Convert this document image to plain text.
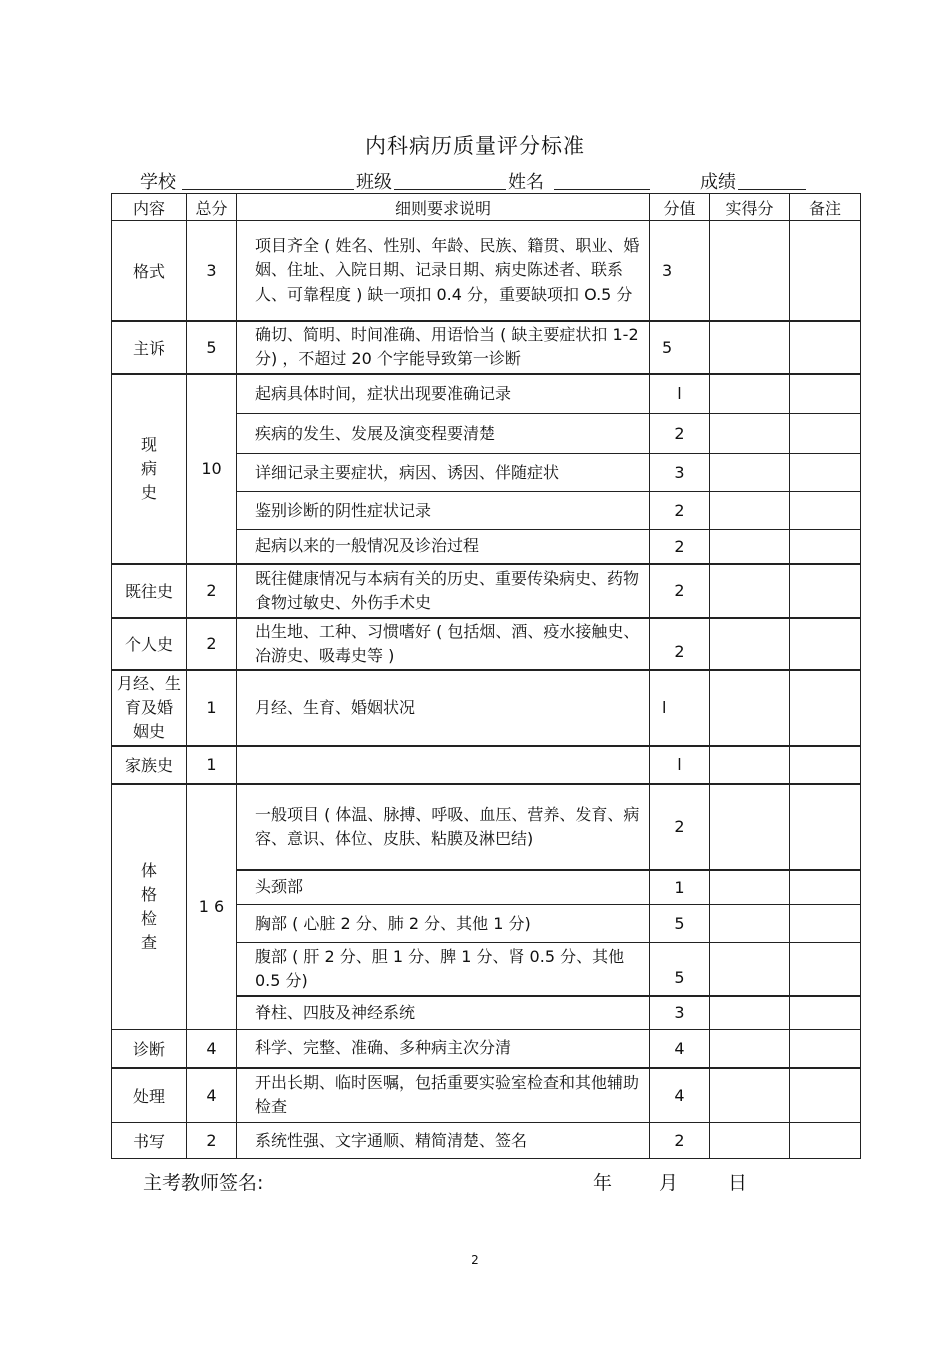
内科病历质量评分标准
学校	班级	姓名	成绩
内容	总分	细则要求说明	分值	实得分	备注
格式	3	项目齐全 ( 姓名、性别、年龄、民族、籍贯、职业、婚姻、住址、入院日期、记录日期、病史陈述者、联系人、可靠程度 ) 缺一项扣 0.4 分，重要缺项扣 O.5 分	3		
主诉	5	确切、简明、时间准确、用语恰当 ( 缺主要症状扣 1-2 分) ，不超过 20 个字能导致第一诊断	5		

现
病
史	10	起病具体时间，症状出现要准确记录	l		
		疾病的发生、发展及演变程要清楚	2		
		详细记录主要症状，病因、诱因、伴随症状	3		
		鉴别诊断的阴性症状记录	2		
		起病以来的一般情况及诊治过程	2		
既往史	2	既往健康情况与本病有关的历史、重要传染病史、药物食物过敏史、外伤手术史	2		
个人史	2	出生地、工种、习惯嗜好 ( 包括烟、酒、疫水接触史、冶游史、吸毒史等 )	2		

月经、生
育及婚
姻史	1	月经、生育、婚姻状况	l		
家族史	1		l		

体
格
检
查	1 6	一般项目 ( 体温、脉搏、呼吸、血压、营养、发育、病容、意识、体位、皮肤、粘膜及淋巴结)	2		
		头颈部	1		
		胸部 ( 心脏 2 分、肺 2 分、其他 1 分)	5		
		腹部 ( 肝 2 分、胆 1 分、脾 1 分、肾 0.5 分、其他 0.5 分)	5		
		脊柱、四肢及神经系统	3		
诊断	4	科学、完整、准确、多种病主次分清	4		
处理	4	开出长期、临时医嘱，包括重要实验室检查和其他辅助检查	4		
书写	2	系统性强、文字通顺、精简清楚、签名	2		
主考教师签名:	年 月	日
2
